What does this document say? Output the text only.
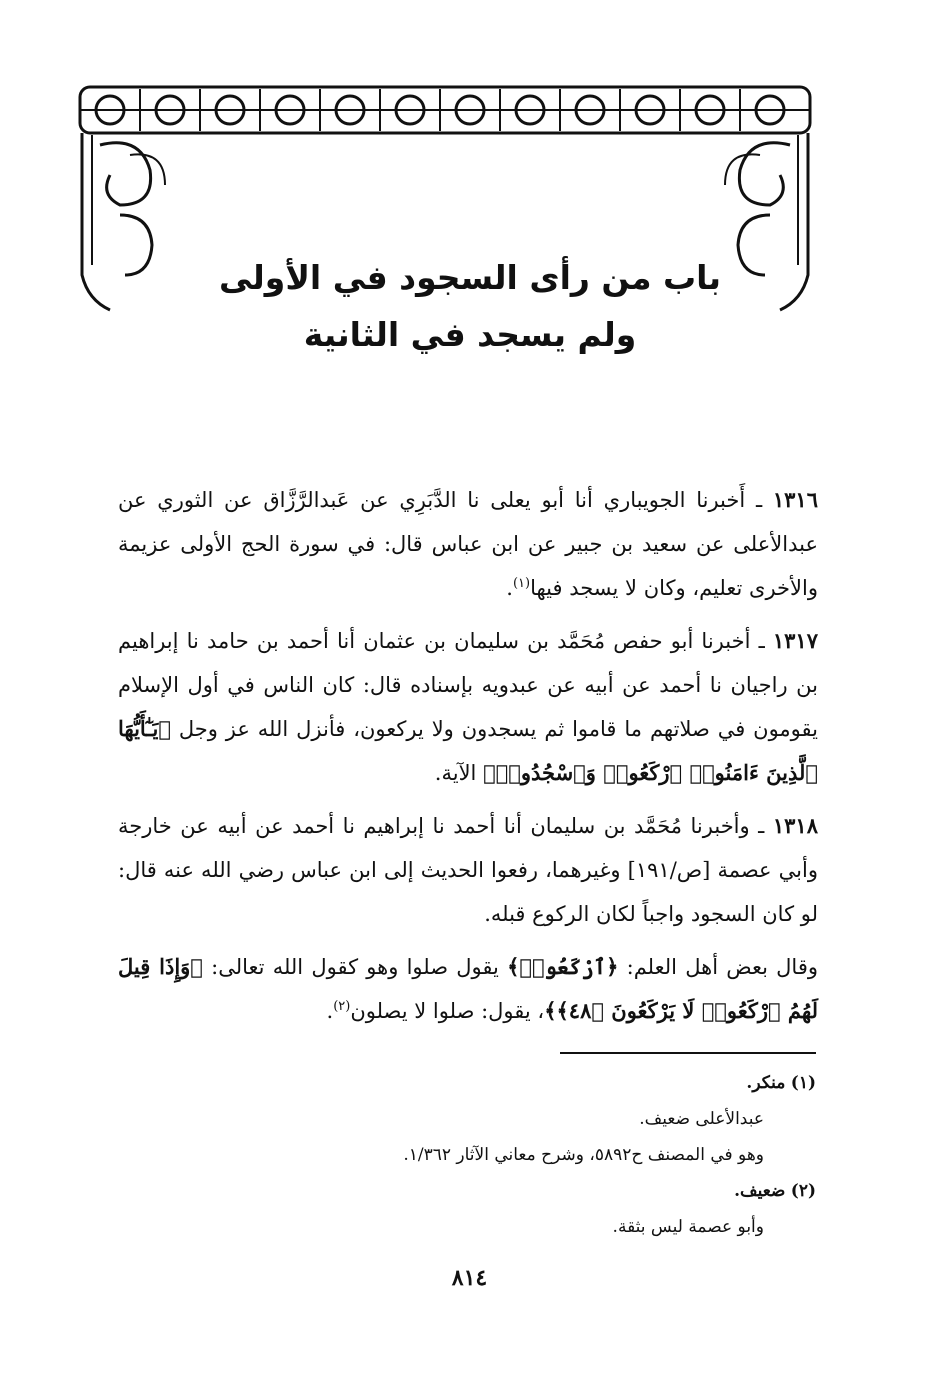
باب من رأى السجود في الأولى
ولم يسجد في الثانية

١٣١٦ ـ أَخبرنا الجويباري أنا أبو يعلى نا الدَّبَرِي عن عَبدالرَّزَّاق عن الثوري عن عبدالأعلى عن سعيد بن جبير عن ابن عباس قال: في سورة الحج الأولى عزيمة والأخرى تعليم، وكان لا يسجد فيها$^{(١)}$.

١٣١٧ ـ أخبرنا أبو حفص مُحَمَّد بن سليمان بن عثمان أنا أحمد بن حامد نا إبراهيم بن راجيان نا أحمد عن أبيه عن عبدويه بإسناده قال: كان الناس في أول الإسلام يقومون في صلاتهم ما قاموا ثم يسجدون ولا يركعون، فأنزل الله عز وجل ﴿يَـٰٓأَيُّهَا ٱلَّذِينَ ءَامَنُوا۟ ٱرْكَعُوا۟ وَٱسْجُدُوا۟﴾ الآية.

١٣١٨ ـ وأخبرنا مُحَمَّد بن سليمان أنا أحمد نا إبراهيم نا أحمد عن أبيه عن خارجة وأبي عصمة [ص/١٩١] وغيرهما، رفعوا الحديث إلى ابن عباس رضي الله عنه قال: لو كان السجود واجباً لكان الركوع قبله.

وقال بعض أهل العلم: ﴿ٱرْكَعُوا۟﴾ يقول صلوا وهو كقول الله تعالى: ﴿وَإِذَا قِيلَ لَهُمُ ٱرْكَعُوا۟ لَا يَرْكَعُونَ ﴿٤٨﴾﴾، يقول: صلوا لا يصلون$^{(٢)}$.

(١) منكر.

عبدالأعلى ضعيف.

وهو في المصنف ح٥٨٩٢، وشرح معاني الآثار ١/٣٦٢.

(٢) ضعيف.

وأبو عصمة ليس بثقة.

٨١٤
